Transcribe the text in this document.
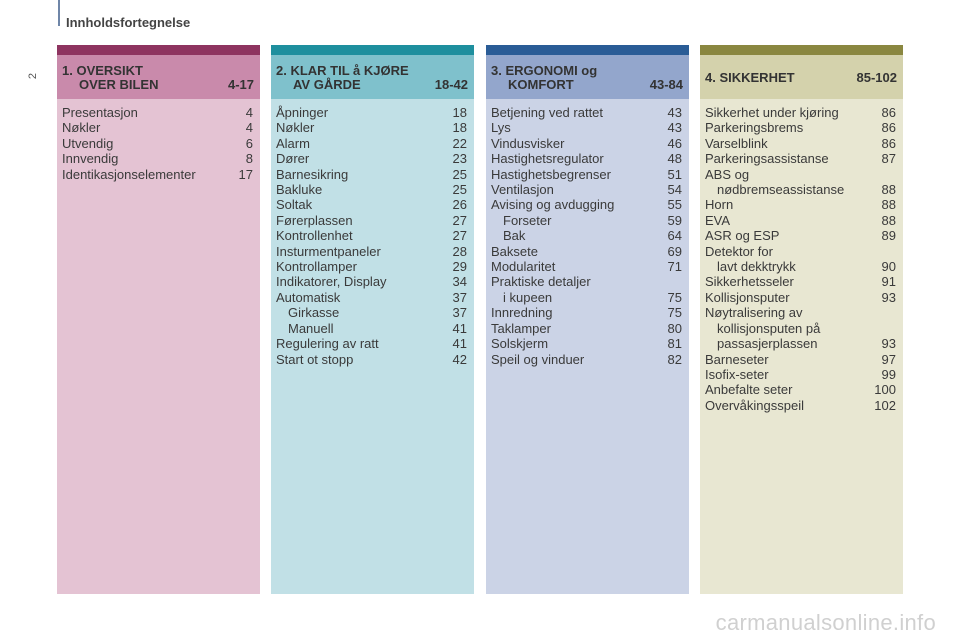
Innholdsfortegnelse
2 1. OVERSIKT
OVER BILEN	4-17
Presentasjon	4
Nøkler	4
Utvendig	6
Innvendig	8
Identikasjonselementer	17
2. KLAR TIL å KJØRE
AV GÅRDE	18-42
Åpninger	18
Nøkler	18
Alarm	22
Dører	23
Barnesikring	25
Bakluke	25
Soltak	26
Førerplassen	27
Kontrollenhet	27
Insturmentpaneler	28
Kontrollamper	29
Indikatorer, Display	34
Automatisk	37
Girkasse	37
Manuell	41
Regulering av ratt	41
Start ot stopp	42
3. ERGONOMI og
KOMFORT	43-84
Betjening ved rattet	43
Lys	43
Vindusvisker	46
Hastighetsregulator	48
Hastighetsbegrenser	51
Ventilasjon	54
Avising og avdugging	55
Forseter	59
Bak	64
Baksete	69
Modularitet	71
Praktiske detaljer
i kupeen	75
Innredning	75
Taklamper	80
Solskjerm	81
Speil og vinduer	82
4. SIKKERHET	85-102
Sikkerhet under kjøring	86
Parkeringsbrems	86
Varselblink	86
Parkeringsassistanse	87
ABS og
nødbremseassistanse	88
Horn	88
EVA	88
ASR og ESP	89
Detektor for
lavt dekktrykk	90
Sikkerhetsseler	91
Kollisjonsputer	93
Nøytralisering av
kollisjonsputen på
passasjerplassen	93
Barneseter	97
Isofix-seter	99
Anbefalte seter	100
Overvåkingsspeil	102
carmanualsonline.info
